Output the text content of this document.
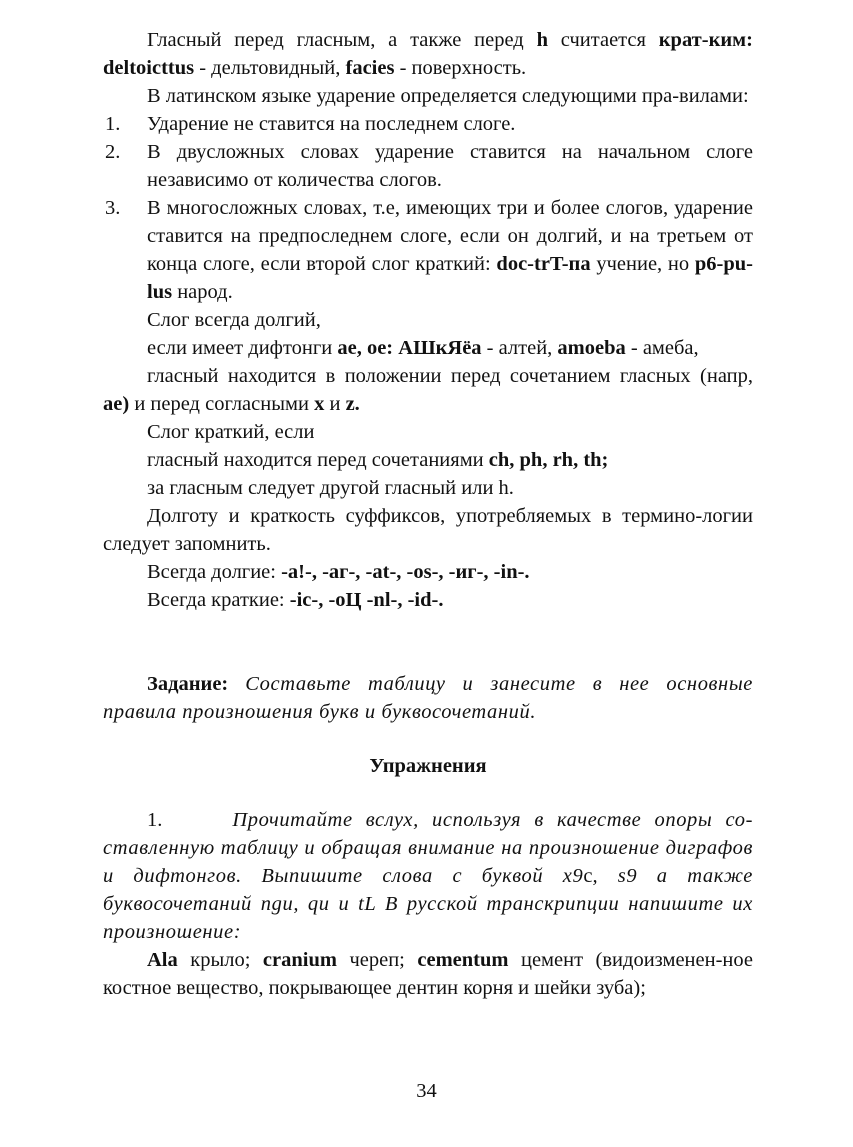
Гласный перед гласным, а также перед h считается крат-ким: deltoicttus - дельтовидный, facies - поверхность.

В латинском языке ударение определяется следующими пра-вилами:

1. Ударение не ставится на последнем слоге.
2. В двусложных словах ударение ставится на начальном слоге независимо от количества слогов.
3. В многосложных словах, т.е, имеющих три и более слогов, ударение ставится на предпоследнем слоге, если он долгий, и на третьем от конца слоге, если второй слог краткий: doc-trT-па учение, но p6-pu-lus народ.

Слог всегда долгий,

если имеет дифтонги ae, oe: АШкЯёа - алтей, amoeba - амеба,

гласный находится в положении перед сочетанием гласных (напр, ae) и перед согласными x и z.

Слог краткий, если

гласный находится перед сочетаниями ch, ph, rh, th;

за гласным следует другой гласный или h.

Долготу и краткость суффиксов, употребляемых в термино-логии следует запомнить.

Всегда долгие: -a!-, -аг-, -at-, -os-, -иг-, -in-.

Всегда краткие: -ic-, -оЦ -nl-, -id-.

Задание: Составьте таблицу и занесите в нее основные правила произношения букв и буквосочетаний.

Упражнения

1.	Прочитайте вслух, используя в качестве опоры со-ставленную таблицу и обращая внимание на произношение диграфов и дифтонгов. Выпишите слова с буквой x9с, s9 а также буквосочетаний ngu, qu и tL В русской транскрипции напишите их произношение:

Ala крыло; cranium череп; cementum цемент (видоизменен-ное костное вещество, покрывающее дентин корня и шейки зуба);

34
